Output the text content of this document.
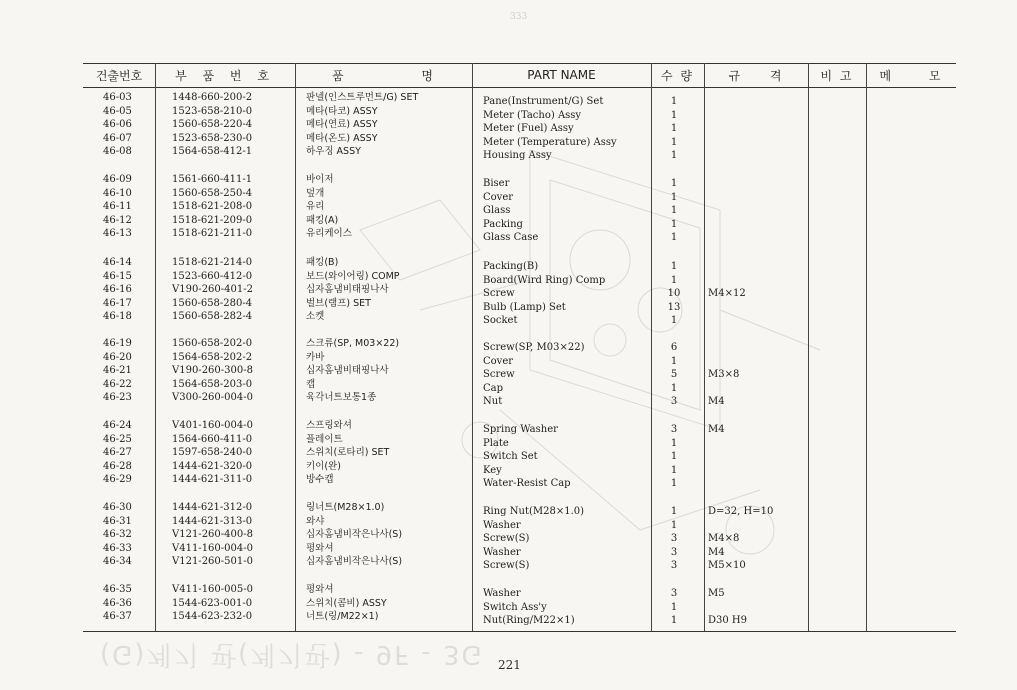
333
건출번호	부 품 번 호	품 명	PART NAME	수 량	규 격	비 고	메 모
46-03	1448-660-200-2	판넬(인스트루먼트/G) SET	Pane(Instrument/G) Set	1
46-05	1523-658-210-0	메타(타코) ASSY	Meter (Tacho) Assy	1
46-06	1560-658-220-4	메타(연료) ASSY	Meter (Fuel) Assy	1
46-07	1523-658-230-0	메타(온도) ASSY	Meter (Temperature) Assy	1
46-08	1564-658-412-1	하우징 ASSY	Housing Assy	1
46-09	1561-660-411-1	바이저	Biser	1
46-10	1560-658-250-4	덮개	Cover	1
46-11	1518-621-208-0	유리	Glass	1
46-12	1518-621-209-0	패킹(A)	Packing	1
46-13	1518-621-211-0	유리케이스	Glass Case	1
46-14	1518-621-214-0	패킹(B)	Packing(B)	1
46-15	1523-660-412-0	보드(와이어링) COMP	Board(Wird Ring) Comp	1
46-16	V190-260-401-2	십자홈냄비태핑나사	Screw	10	M4×12
46-17	1560-658-280-4	벌브(램프) SET	Bulb (Lamp) Set	13
46-18	1560-658-282-4	소켓	Socket	1
46-19	1560-658-202-0	스크류(SP, M03×22)	Screw(SP, M03×22)	6
46-20	1564-658-202-2	카바	Cover	1
46-21	V190-260-300-8	십자홈냄비태핑나사	Screw	5	M3×8
46-22	1564-658-203-0	캡	Cap	1
46-23	V300-260-004-0	육각너트보통1종	Nut	3	M4
46-24	V401-160-004-0	스프링와셔	Spring Washer	3	M4
46-25	1564-660-411-0	플레이트	Plate	1
46-27	1597-658-240-0	스위치(로타리) SET	Switch Set	1
46-28	1444-621-320-0	키이(완)	Key	1
46-29	1444-621-311-0	방수캡	Water-Resist Cap	1
46-30	1444-621-312-0	링너트(M28×1.0)	Ring Nut(M28×1.0)	1	D=32, H=10
46-31	1444-621-313-0	와샤	Washer	1
46-32	V121-260-400-8	십자홈냄비작은나사(S)	Screw(S)	3	M4×8
46-33	V411-160-004-0	평와셔	Washer	3	M4
46-34	V121-260-501-0	십자홈냄비작은나사(S)	Screw(S)	3	M5×10
46-35	V411-160-005-0	평와셔	Washer	3	M5
46-36	1544-623-001-0	스위치(콤비) ASSY	Switch Ass'y	1
46-37	1544-623-232-0	너트(링/M22×1)	Nut(Ring/M22×1)	1	D30 H9
(G)계기 판(계기판) - 9F - 3G 221
